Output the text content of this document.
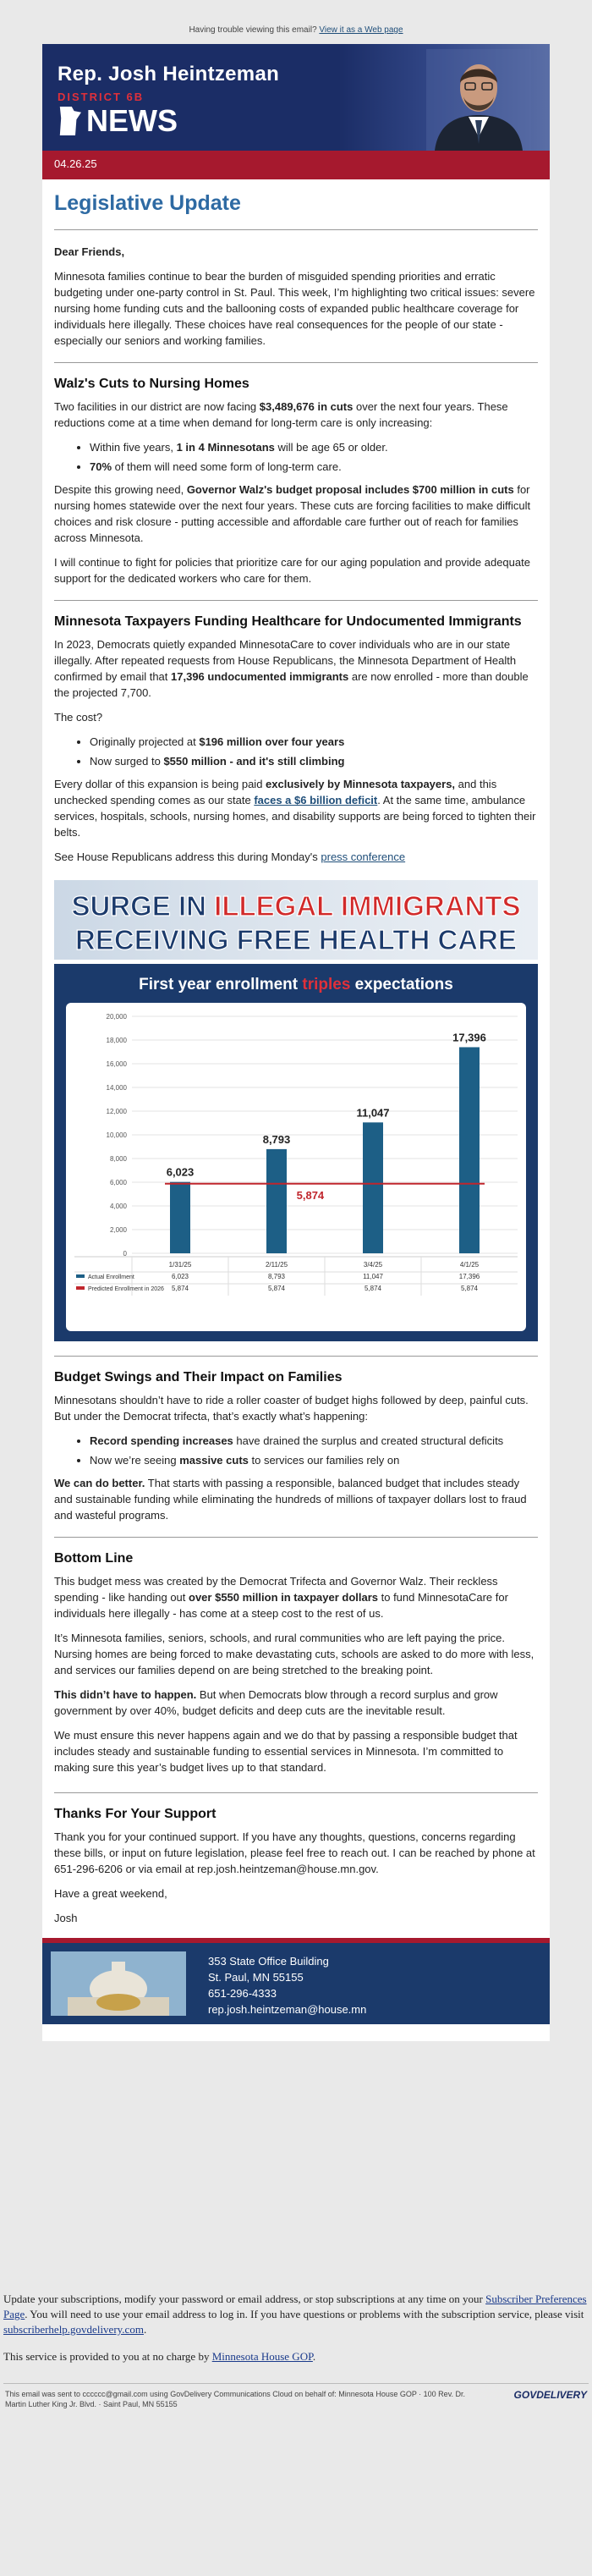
Having trouble viewing this email? View it as a Web page
Rep. Josh Heintzeman
DISTRICT 6B
NEWS
04.26.25
Legislative Update

Dear Friends,

Minnesota families continue to bear the burden of misguided spending priorities and erratic budgeting under one-party control in St. Paul. This week, I’m highlighting two critical issues: severe nursing home funding cuts and the ballooning costs of expanded public healthcare coverage for individuals here illegally. These choices have real consequences for the people of our state - especially our seniors and working families.

Walz's Cuts to Nursing Homes

Two facilities in our district are now facing $3,489,676 in cuts over the next four years. These reductions come at a time when demand for long-term care is only increasing:

• Within five years, 1 in 4 Minnesotans will be age 65 or older.
• 70% of them will need some form of long-term care.

Despite this growing need, Governor Walz's budget proposal includes $700 million in cuts for nursing homes statewide over the next four years. These cuts are forcing facilities to make difficult choices and risk closure - putting accessible and affordable care further out of reach for families across Minnesota.

I will continue to fight for policies that prioritize care for our aging population and provide adequate support for the dedicated workers who care for them.

Minnesota Taxpayers Funding Healthcare for Undocumented Immigrants

In 2023, Democrats quietly expanded MinnesotaCare to cover individuals who are in our state illegally. After repeated requests from House Republicans, the Minnesota Department of Health confirmed by email that 17,396 undocumented immigrants are now enrolled - more than double the projected 7,700.

The cost?

• Originally projected at $196 million over four years
• Now surged to $550 million - and it's still climbing

Every dollar of this expansion is being paid exclusively by Minnesota taxpayers, and this unchecked spending comes as our state faces a $6 billion deficit. At the same time, ambulance services, hospitals, schools, nursing homes, and disability supports are being forced to tighten their belts.

See House Republicans address this during Monday's press conference

SURGE IN ILLEGAL IMMIGRANTS
RECEIVING FREE HEALTH CARE

First year enrollment triples expectations
0
2,000
4,000
6,000
8,000
10,000
12,000
14,000
16,000
18,000
20,000
6,023
8,793
11,047
17,396
5,874
1/31/25	2/11/25	3/4/25	4/1/25
Actual Enrollment	6,023	8,793	11,047	17,396
Predicted Enrollment in 2026 5,874	5,874	5,874	5,874
Budget Swings and Their Impact on Families

Minnesotans shouldn’t have to ride a roller coaster of budget highs followed by deep, painful cuts. But under the Democrat trifecta, that’s exactly what’s happening:

• Record spending increases have drained the surplus and created structural deficits
• Now we’re seeing massive cuts to services our families rely on

We can do better. That starts with passing a responsible, balanced budget that includes steady and sustainable funding while eliminating the hundreds of millions of taxpayer dollars lost to fraud and wasteful programs.

Bottom Line

This budget mess was created by the Democrat Trifecta and Governor Walz. Their reckless spending - like handing out over $550 million in taxpayer dollars to fund MinnesotaCare for individuals here illegally - has come at a steep cost to the rest of us.

It’s Minnesota families, seniors, schools, and rural communities who are left paying the price. Nursing homes are being forced to make devastating cuts, schools are asked to do more with less, and services our families depend on are being stretched to the breaking point.

This didn’t have to happen. But when Democrats blow through a record surplus and grow government by over 40%, budget deficits and deep cuts are the inevitable result.

We must ensure this never happens again and we do that by passing a responsible budget that includes steady and sustainable funding to essential services in Minnesota. I’m committed to making sure this year’s budget lives up to that standard.

Thanks For Your Support

Thank you for your continued support. If you have any thoughts, questions, concerns regarding these bills, or input on future legislation, please feel free to reach out. I can be reached by phone at 651-296-6206 or via email at rep.josh.heintzeman@house.mn.gov.

Have a great weekend,

Josh

353 State Office Building
St. Paul, MN 55155
651-296-4333
rep.josh.heintzeman@house.mn

Update your subscriptions, modify your password or email address, or stop subscriptions at any time on your Subscriber Preferences Page. You will need to use your email address to log in. If you have questions or problems with the subscription service, please visit subscriberhelp.govdelivery.com.

This service is provided to you at no charge by Minnesota House GOP.

This email was sent to cccccc@gmail.com using GovDelivery Communications Cloud on behalf of: Minnesota House GOP · 100 Rev. Dr. Martin Luther King Jr. Blvd. · Saint Paul, MN 55155
GOVDELIVERY
